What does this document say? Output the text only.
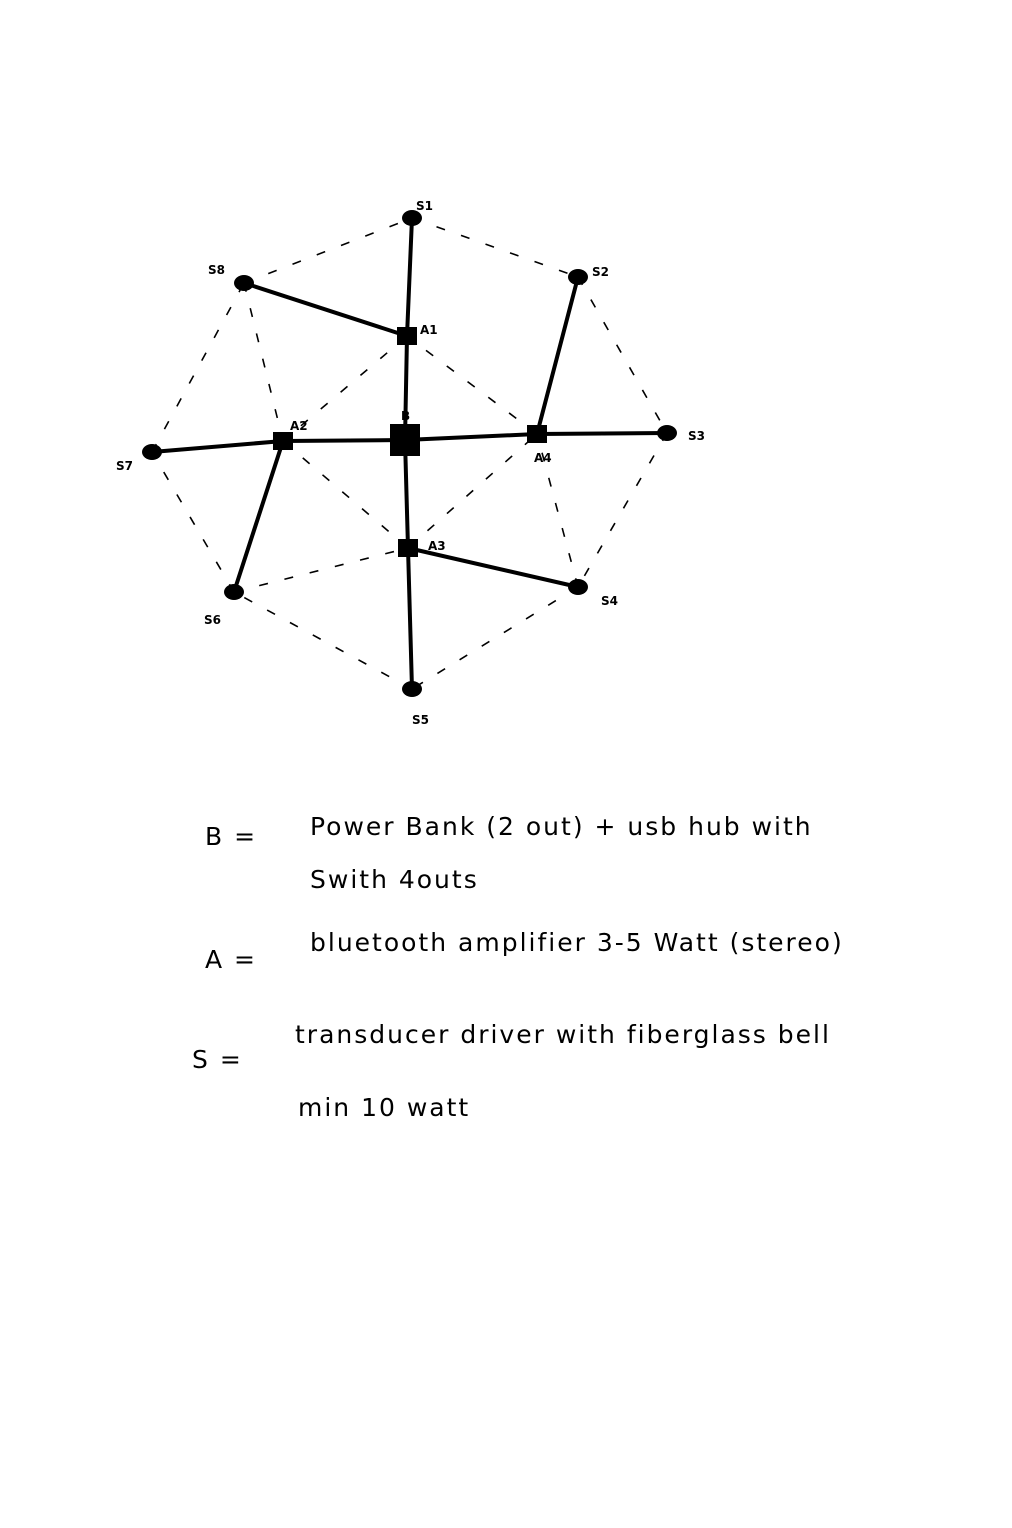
B
A1
A2
A3
A4
S1
S2
S3
S4
S5
S6
S7
S8
B = Power Bank (2 out) + usb hub with
Swith 4outs
A =
bluetooth amplifier 3-5 Watt (stereo)
S =
transducer driver with fiberglass bell
min 10 watt
